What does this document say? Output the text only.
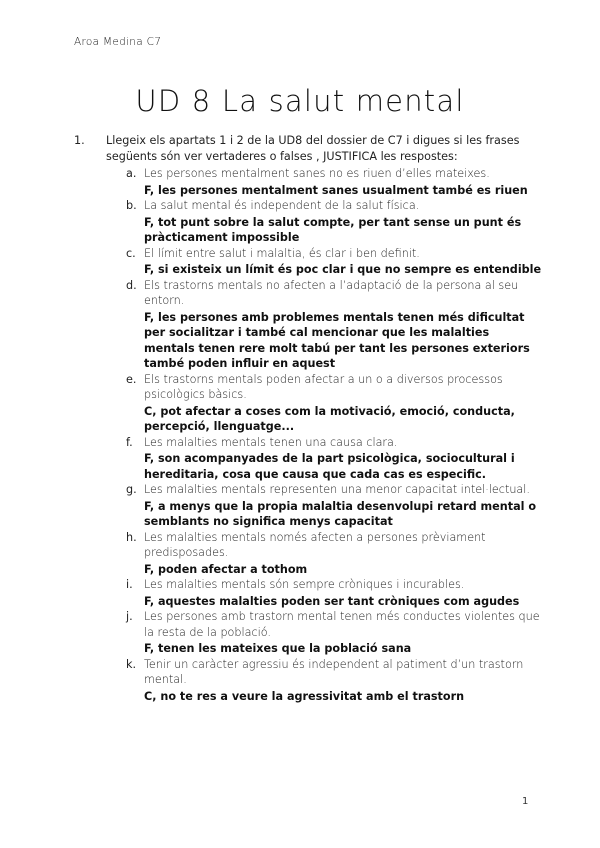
Aroa Medina C7
UD 8 La salut mental
1. Llegeix els apartats 1 i 2 de la UD8 del dossier de C7 i digues si les frases següents són ver vertaderes o falses , JUSTIFICA les respostes:
a. Les persones mentalment sanes no es riuen d’elles mateixes.
F, les persones mentalment sanes usualment també es riuen
b. La salut mental és independent de la salut física.
F, tot punt sobre la salut compte, per tant sense un punt és pràcticament impossible
c. El límit entre salut i malaltia, és clar i ben definit.
F, si existeix un límit és poc clar i que no sempre es entendible
d. Els trastorns mentals no afecten a l’adaptació de la persona al seu entorn.
F, les persones amb problemes mentals tenen més dificultat per socialitzar i també cal mencionar que les malalties mentals tenen rere molt tabú per tant les persones exteriors també poden influir en aquest
e. Els trastorns mentals poden afectar a un o a diversos processos psicològics bàsics.
C, pot afectar a coses com la motivació, emoció, conducta, percepció, llenguatge...
f. Les malalties mentals tenen una causa clara.
F, son acompanyades de la part psicològica, sociocultural i hereditaria, cosa que causa que cada cas es especific.
g. Les malalties mentals representen una menor capacitat intel·lectual.
F, a menys que la propia malaltia desenvolupi retard mental o semblants no significa menys capacitat
h. Les malalties mentals només afecten a persones prèviament predisposades.
F, poden afectar a tothom
i. Les malalties mentals són sempre cròniques i incurables.
F, aquestes malalties poden ser tant cròniques com agudes
j. Les persones amb trastorn mental tenen més conductes violentes que la resta de la població.
F, tenen les mateixes que la població sana
k. Tenir un caràcter agressiu és independent al patiment d’un trastorn mental.
C, no te res a veure la agressivitat amb el trastorn
1
